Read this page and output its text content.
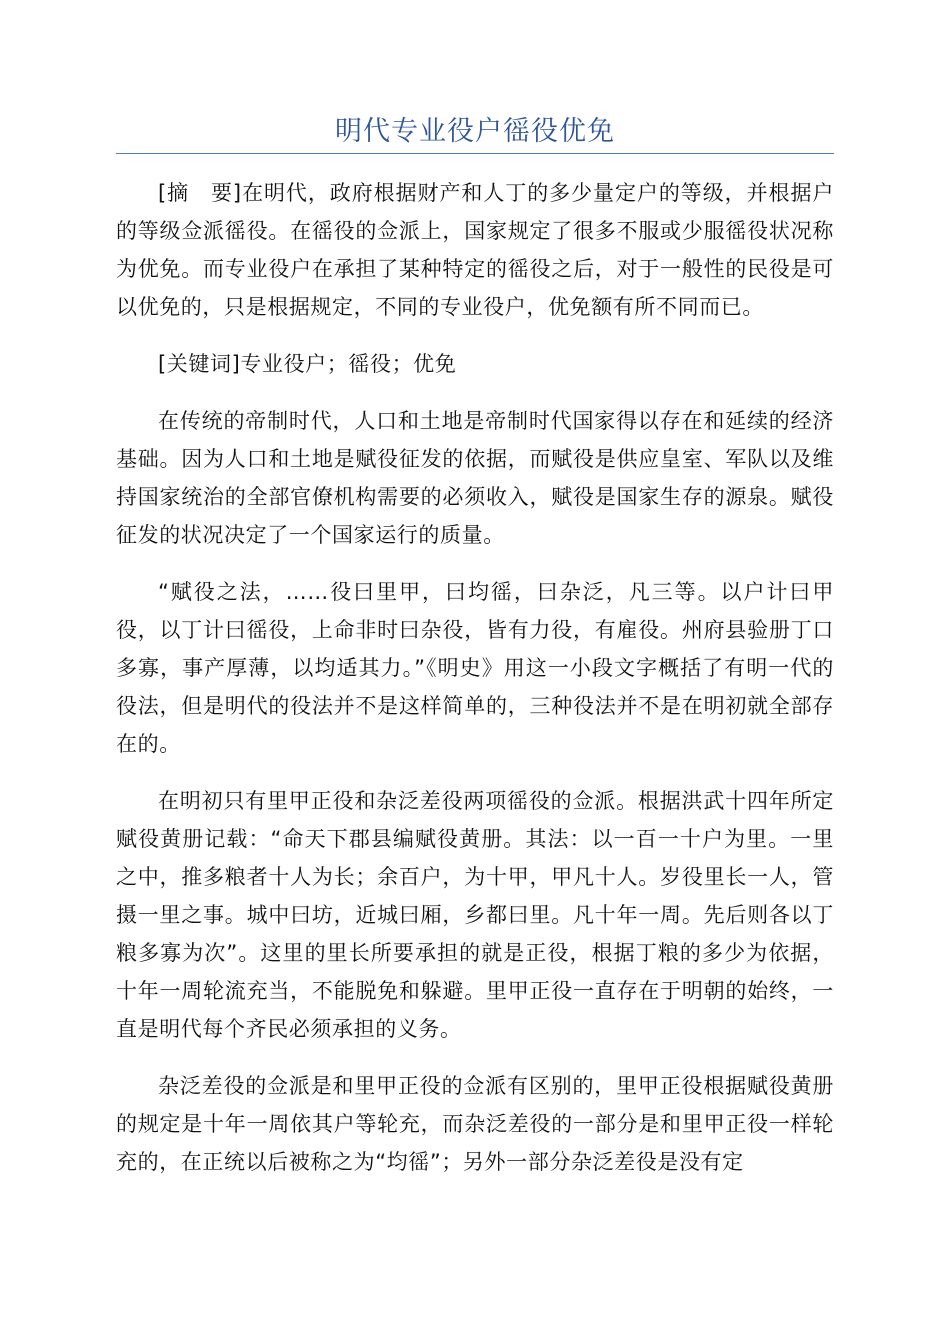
明代专业役户徭役优免

[摘　要]在明代，政府根据财产和人丁的多少量定户的等级，并根据户的等级佥派徭役。在徭役的佥派上，国家规定了很多不服或少服徭役状况称为优免。而专业役户在承担了某种特定的徭役之后，对于一般性的民役是可以优免的，只是根据规定，不同的专业役户，优免额有所不同而已。

[关键词]专业役户；徭役；优免

在传统的帝制时代，人口和土地是帝制时代国家得以存在和延续的经济基础。因为人口和土地是赋役征发的依据，而赋役是供应皇室、军队以及维持国家统治的全部官僚机构需要的必须收入，赋役是国家生存的源泉。赋役征发的状况决定了一个国家运行的质量。

“赋役之法，……役曰里甲，曰均徭，曰杂泛，凡三等。以户计曰甲役，以丁计曰徭役，上命非时曰杂役，皆有力役，有雇役。州府县验册丁口多寡，事产厚薄，以均适其力。”《明史》用这一小段文字概括了有明一代的役法，但是明代的役法并不是这样简单的，三种役法并不是在明初就全部存在的。

在明初只有里甲正役和杂泛差役两项徭役的佥派。根据洪武十四年所定赋役黄册记载：“命天下郡县编赋役黄册。其法：以一百一十户为里。一里之中，推多粮者十人为长；余百户，为十甲，甲凡十人。岁役里长一人，管摄一里之事。城中曰坊，近城曰厢，乡都曰里。凡十年一周。先后则各以丁粮多寡为次”。这里的里长所要承担的就是正役，根据丁粮的多少为依据，十年一周轮流充当，不能脱免和躲避。里甲正役一直存在于明朝的始终，一直是明代每个齐民必须承担的义务。

杂泛差役的佥派是和里甲正役的佥派有区别的，里甲正役根据赋役黄册的规定是十年一周依其户等轮充，而杂泛差役的一部分是和里甲正役一样轮充的，在正统以后被称之为“均徭”；另外一部分杂泛差役是没有定
